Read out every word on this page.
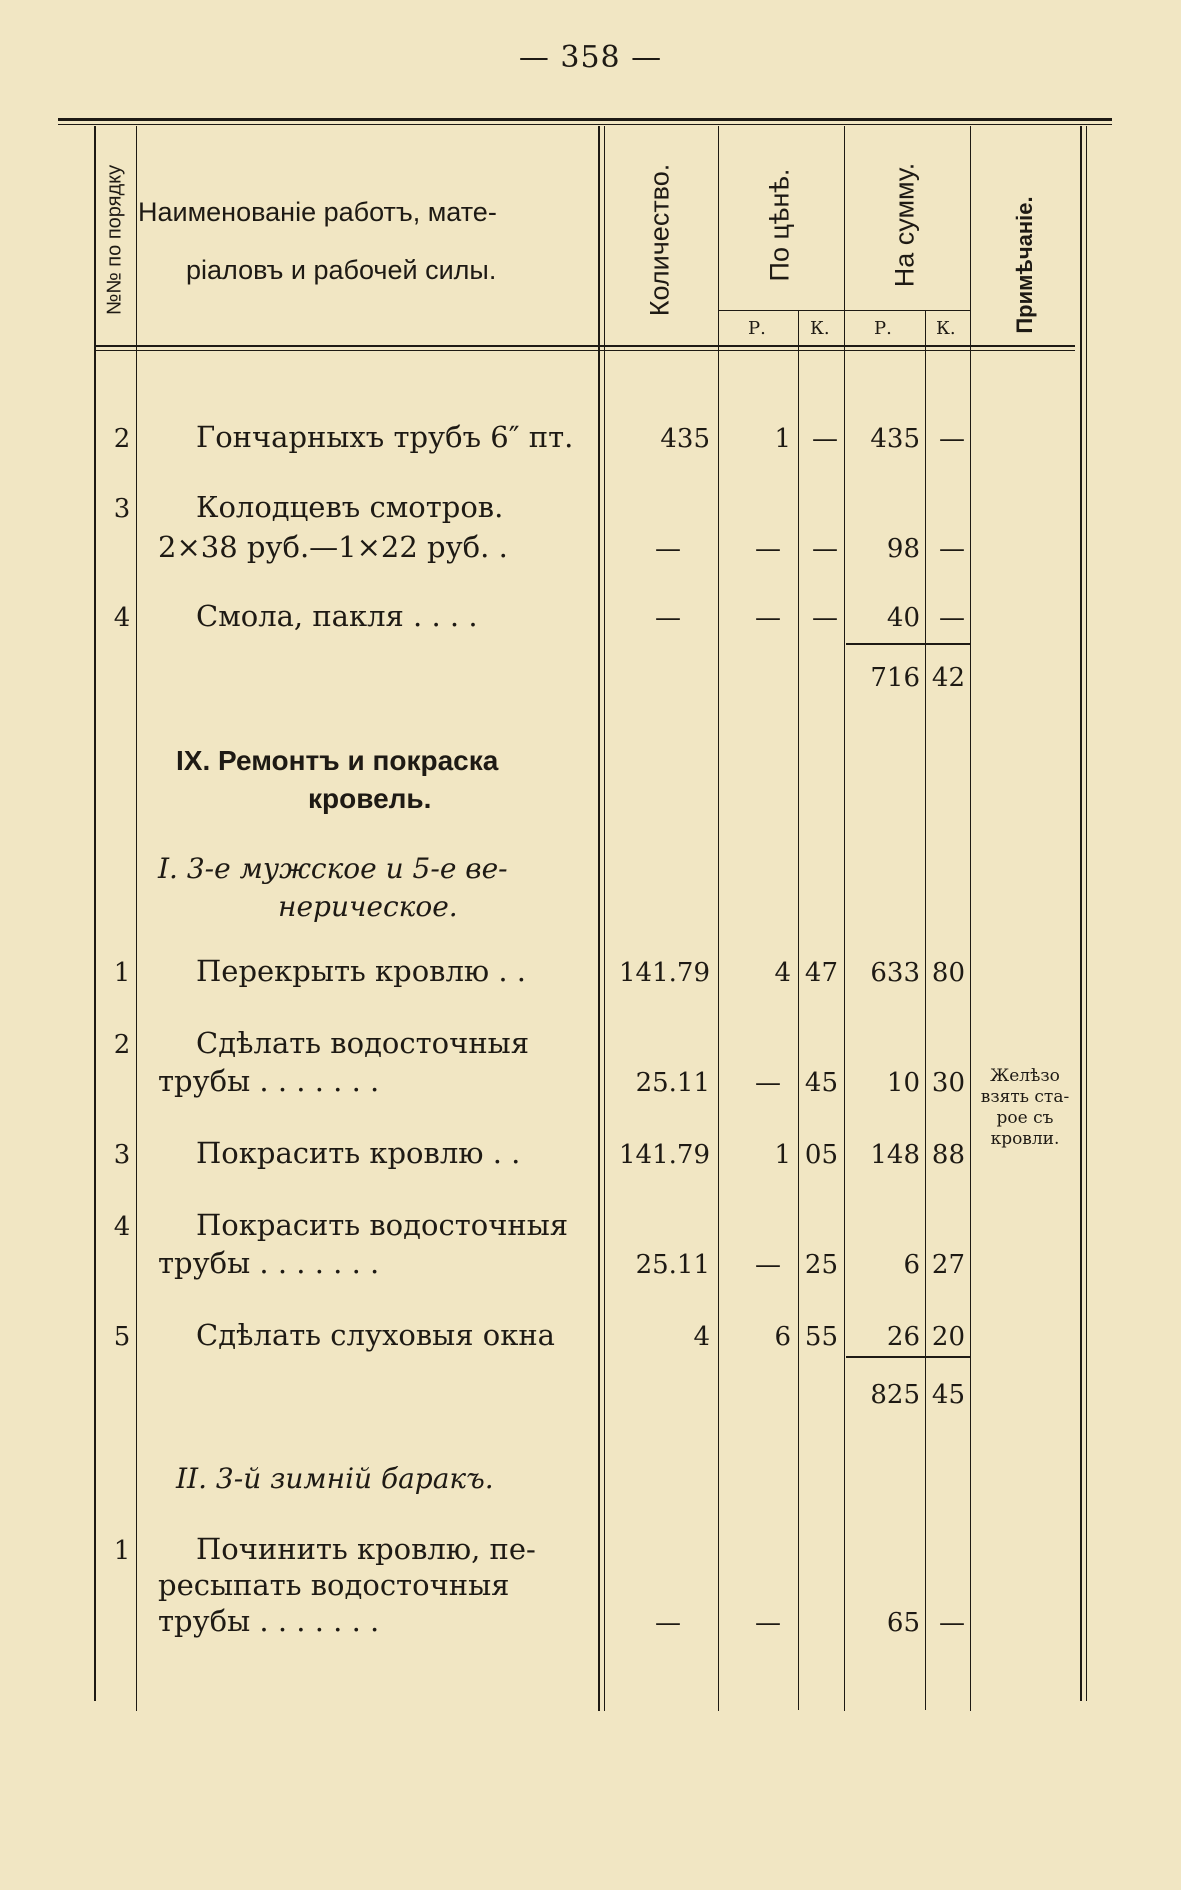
— 358 —
№№ по порядку Наименованіе работъ, мате-
ріаловъ и рабочей силы.	Количество.	По цѣнѣ.	На сумму.	Примѣчаніе.
Р. К. Р. К.
2 Гончарныхъ трубъ 6″ пт.	435 1 — 435 —
3 Колодцевъ смотров.
2×38 руб.—1×22 руб. .	—	— — 98 —
4 Смола, пакля . . . .	—	— — 40 —
716 42
IX. Ремонтъ и покраска
кровель.
I. 3-е мужское и 5-е ве-
нерическое.
1 Перекрыть кровлю . .	141.79 4 47 633 80
2 Сдѣлать водосточныя
трубы . . . . . . .	25.11 — 45 10 30	Желѣзо
взять ста-
рое съ
кровли.
3 Покрасить кровлю . .	141.79 1 05 148 88
4 Покрасить водосточныя
трубы . . . . . . .	25.11 — 25	6 27
5 Сдѣлать слуховыя окна	4 6 55 26 20
825 45
II. 3-й зимній баракъ.
1 Починить кровлю, пе-
ресыпать водосточныя
трубы . . . . . . .	—	—	65 —
